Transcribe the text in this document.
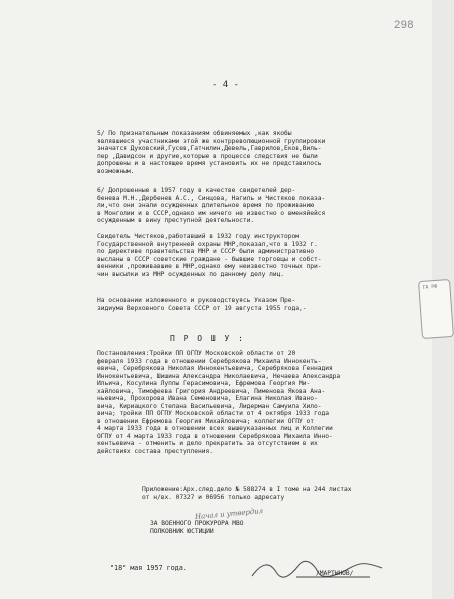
298
- 4 -
5/ По признательным показаниям обвиняемых ,как якобы
являвшиеся участниками этой же контрреволюционной группировки
значатся Дуковский,Гусев,Гатчилин,Девель,Гаврилов,Еков,Виль-
пер ,Давидсон и другие,которые в процессе следствия не были
допрошены и в настоящее время установить их не представилось
возможным.
6/ Допрошенные в 1957 году в качестве свидетелей дер-
бенева М.Н.,Дербенев А.С., Синцова, Нагиль и Чистяков показа-
ли,что они знали осужденных длительное время по проживанию
в Монголии и в СССР,однако им ничего не известно о вменяйейся
осужденным в вину преступной деятельности.
Свидетель Чистяков,работавший в 1932 году инструктором
Государственной внутренней охраны МНР,показал,что в 1932 г.
по директиве правительства МНР и СССР были административно
высланы в СССР советские граждане - бывшие торговцы и собст-
венники ,проживавшие в МНР,однако ему неизвестно точных при-
чин высылки из МНР осужденных по данному делу лиц.
На основании изложенного и руководствуясь Указом Пре-
зидиума Верховного Совета СССР от 19 августа 1955 года,-
П Р О Ш У :
Постановления:Тройки ПП ОГПУ Московской области от 20
февраля 1933 года в отношении Серебрякова Михаила Иннокенть-
евича, Серебрякова Николая Иннокентьевича, Серебрякова Геннадия
Иннокентьевича, Шишина Александра Николаевича, Нечаева Александра
Ильича, Косулина Луппы Герасимовича, Ефремова Георгия Ми-
хайловича, Тимофеева Григория Андреевича, Пименова Якова Ана-
ньевича, Прохорова Ивана Семеновича, Елагина Николая Ивано-
вича, Кириацкого Степана Васильевича, Лидерман Самуила Хило-
вича; тройки ПП ОГПУ Московской области от 4 октября 1933 года
в отношении Ефремова Георгия Михайловича; коллегии ОГПУ от
4 марта 1933 года в отношении всех вышеуказанных лиц и Коллегии
ОГПУ от 4 марта 1933 года в отношении Серебрякова Михаила Инно-
кентьевича - отменить и дело прекратить за отсутствием в их
действиях состава преступления.
Приложение:Арх.след.дело № 588274 в I томе на 244 листах
от н/вх. 07327 и 06956 только адресату
Начал и утвердил
ЗА ВОЕННОГО ПРОКУРОРА МВО
ПОЛКОВНИК ЮСТИЦИИ
/МАРТЫНОВ/
"18" мая 1957 года.
ГА РФ
